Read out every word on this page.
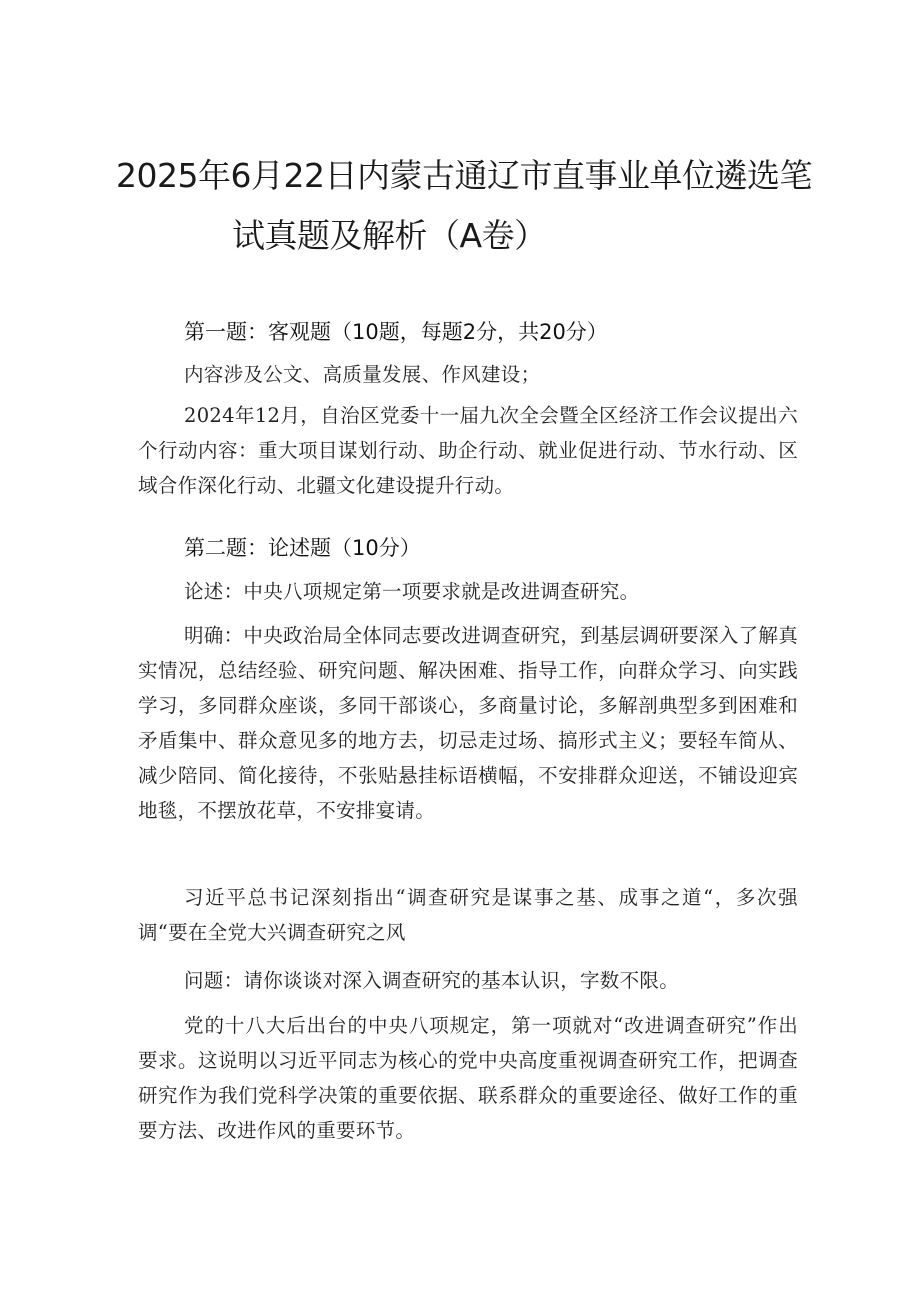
2025年6月22日内蒙古通辽市直事业单位遴选笔
试真题及解析（A卷）
第一题：客观题（10题，每题2分，共20分）

内容涉及公文、高质量发展、作风建设；

2024年12月，自治区党委十一届九次全会暨全区经济工作会议提出六个行动内容：重大项目谋划行动、助企行动、就业促进行动、节水行动、区域合作深化行动、北疆文化建设提升行动。

第二题：论述题（10分）

论述：中央八项规定第一项要求就是改进调查研究。

明确：中央政治局全体同志要改进调查研究，到基层调研要深入了解真实情况，总结经验、研究问题、解决困难、指导工作，向群众学习、向实践学习，多同群众座谈，多同干部谈心，多商量讨论，多解剖典型多到困难和矛盾集中、群众意见多的地方去，切忌走过场、搞形式主义；要轻车简从、减少陪同、简化接待，不张贴悬挂标语横幅，不安排群众迎送，不铺设迎宾地毯，不摆放花草，不安排宴请。

习近平总书记深刻指出“调查研究是谋事之基、成事之道“，多次强调“要在全党大兴调查研究之风

问题：请你谈谈对深入调查研究的基本认识，字数不限。

党的十八大后出台的中央八项规定，第一项就对“改进调查研究”作出要求。这说明以习近平同志为核心的党中央高度重视调查研究工作，把调查研究作为我们党科学决策的重要依据、联系群众的重要途径、做好工作的重要方法、改进作风的重要环节。
